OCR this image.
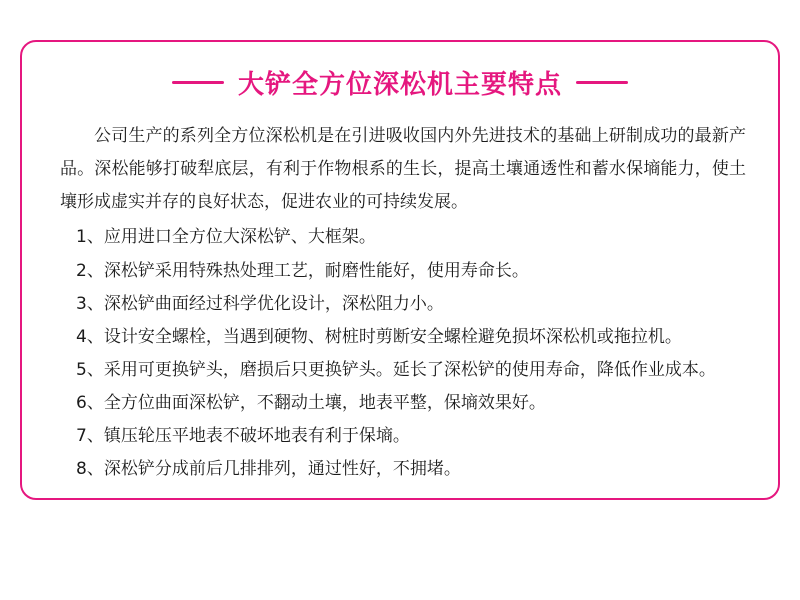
大铲全方位深松机主要特点

公司生产的系列全方位深松机是在引进吸收国内外先进技术的基础上研制成功的最新产品。深松能够打破犁底层，有利于作物根系的生长，提高土壤通透性和蓄水保墒能力，使土壤形成虚实并存的良好状态，促进农业的可持续发展。

1、应用进口全方位大深松铲、大框架。
2、深松铲采用特殊热处理工艺，耐磨性能好，使用寿命长。
3、深松铲曲面经过科学优化设计，深松阻力小。
4、设计安全螺栓，当遇到硬物、树桩时剪断安全螺栓避免损坏深松机或拖拉机。
5、采用可更换铲头，磨损后只更换铲头。延长了深松铲的使用寿命，降低作业成本。
6、全方位曲面深松铲，不翻动土壤，地表平整，保墒效果好。
7、镇压轮压平地表不破坏地表有利于保墒。
8、深松铲分成前后几排排列，通过性好，不拥堵。
